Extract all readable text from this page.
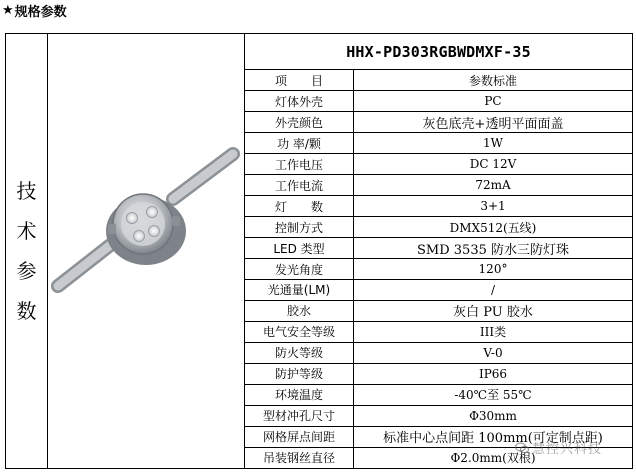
★ 规格参数
技
术
参
数		HHX-PD303RGBWDMXF-35	
		项　　目	参数标准
		灯体外壳	PC
		外壳颜色	灰色底壳+透明平面面盖
		功 率/颗	1W
		工作电压	DC 12V
		工作电流	72mA
		灯　　数	3+1
		控制方式	DMX512(五线)
		LED 类型	SMD 3535 防水三防灯珠
		发光角度	120°
		光通量(LM)	/
		胶水	灰白 PU 胶水
		电气安全等级	III类
		防火等级	V-0
		防护等级	IP66
		环境温度	-40℃至 55℃
		型材冲孔尺寸	Φ30mm
		网格屏点间距	标准中心点间距 100mm(可定制点距)
		吊装钢丝直径	Φ2.0mm(双根)
慧控兴科技
